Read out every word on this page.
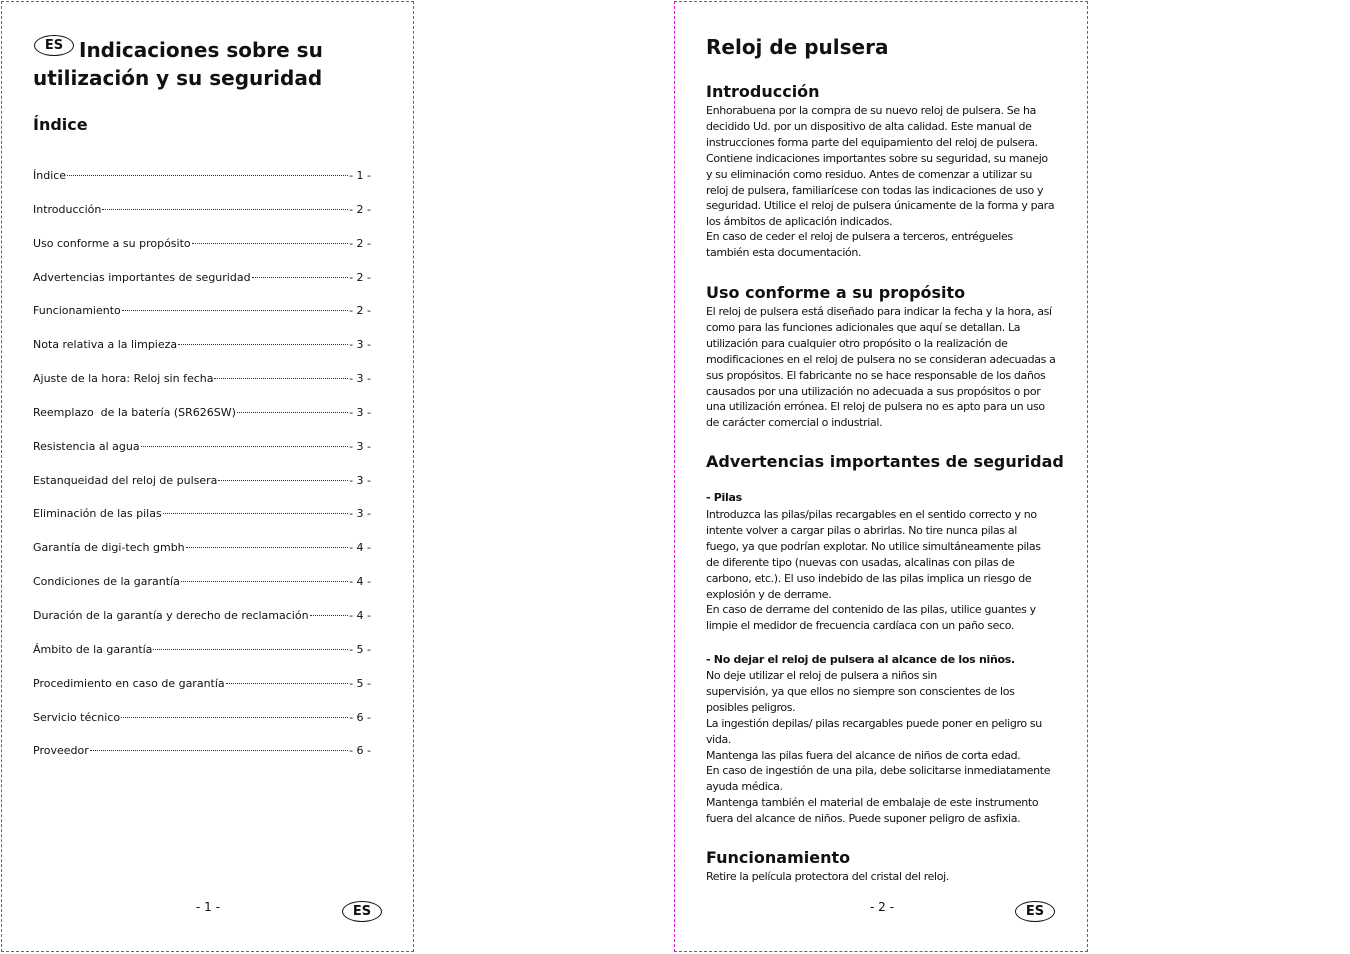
ES Indicaciones sobre su utilización y su seguridad
Índice
Índice	- 1 -
Introducción	- 2 -
Uso conforme a su propósito	- 2 -
Advertencias importantes de seguridad	- 2 -
Funcionamiento	- 2 -
Nota relativa a la limpieza	- 3 -
Ajuste de la hora: Reloj sin fecha	- 3 -
Reemplazo  de la batería (SR626SW)	- 3 -
Resistencia al agua	- 3 -
Estanqueidad del reloj de pulsera	- 3 -
Eliminación de las pilas	- 3 -
Garantía de digi-tech gmbh	- 4 -
Condiciones de la garantía	- 4 -
Duración de la garantía y derecho de reclamación	- 4 -
Ámbito de la garantía	- 5 -
Procedimiento en caso de garantía	- 5 -
Servicio técnico	- 6 -
Proveedor	- 6 -
- 1 -	ES
Reloj de pulsera
Introducción

Enhorabuena por la compra de su nuevo reloj de pulsera. Se ha decidido Ud. por un dispositivo de alta calidad. Este manual de instrucciones forma parte del equipamiento del reloj de pulsera. Contiene indicaciones importantes sobre su seguridad, su manejo y su eliminación como residuo. Antes de comenzar a utilizar su reloj de pulsera, familiarícese con todas las indicaciones de uso y seguridad. Utilice el reloj de pulsera únicamente de la forma y para los ámbitos de aplicación indicados.

En caso de ceder el reloj de pulsera a terceros, entrégueles también esta documentación.

Uso conforme a su propósito

El reloj de pulsera está diseñado para indicar la fecha y la hora, así como para las funciones adicionales que aquí se detallan. La utilización para cualquier otro propósito o la realización de modificaciones en el reloj de pulsera no se consideran adecuadas a sus propósitos. El fabricante no se hace responsable de los daños causados por una utilización no adecuada a sus propósitos o por una utilización errónea. El reloj de pulsera no es apto para un uso de carácter comercial o industrial.

Advertencias importantes de seguridad
- Pilas

Introduzca las pilas/pilas recargables en el sentido correcto y no intente volver a cargar pilas o abrirlas. No tire nunca pilas al fuego, ya que podrían explotar. No utilice simultáneamente pilas de diferente tipo (nuevas con usadas, alcalinas con pilas de carbono, etc.). El uso indebido de las pilas implica un riesgo de explosión y de derrame.

En caso de derrame del contenido de las pilas, utilice guantes y limpie el medidor de frecuencia cardíaca con un paño seco.

- No dejar el reloj de pulsera al alcance de los niños.

No deje utilizar el reloj de pulsera a niños sin

supervisión, ya que ellos no siempre son conscientes de los posibles peligros.

La ingestión depilas/ pilas recargables puede poner en peligro su vida.

Mantenga las pilas fuera del alcance de niños de corta edad.

En caso de ingestión de una pila, debe solicitarse inmediatamente ayuda médica.

Mantenga también el material de embalaje de este instrumento fuera del alcance de niños. Puede suponer peligro de asfixia.

Funcionamiento

Retire la película protectora del cristal del reloj.

- 2 -	ES
